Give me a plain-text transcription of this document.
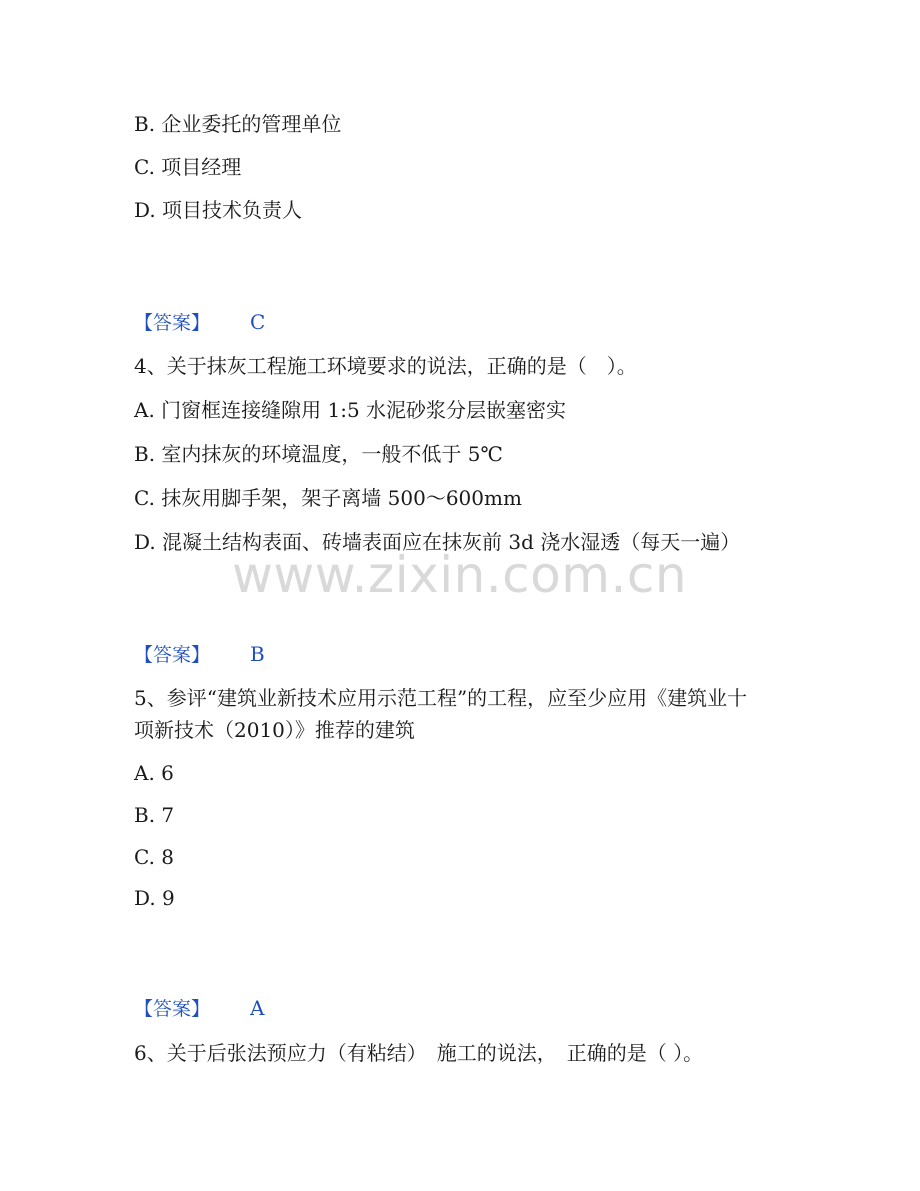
B. 企业委托的管理单位
C. 项目经理
D. 项目技术负责人
【答案】 C
4、关于抹灰工程施工环境要求的说法，正确的是（　）。
A. 门窗框连接缝隙用 1:5 水泥砂浆分层嵌塞密实
B. 室内抹灰的环境温度，一般不低于 5℃
C. 抹灰用脚手架，架子离墙 500～600mm
D. 混凝土结构表面、砖墙表面应在抹灰前 3d 浇水湿透（每天一遍）
www.zixin.com.cn
【答案】 B
5、参评“建筑业新技术应用示范工程”的工程，应至少应用《建筑业十
项新技术（2010）》推荐的建筑
A. 6
B. 7
C. 8
D. 9
【答案】 A
6、关于后张法预应力（有粘结）　施工的说法，　正确的是（ ）。
